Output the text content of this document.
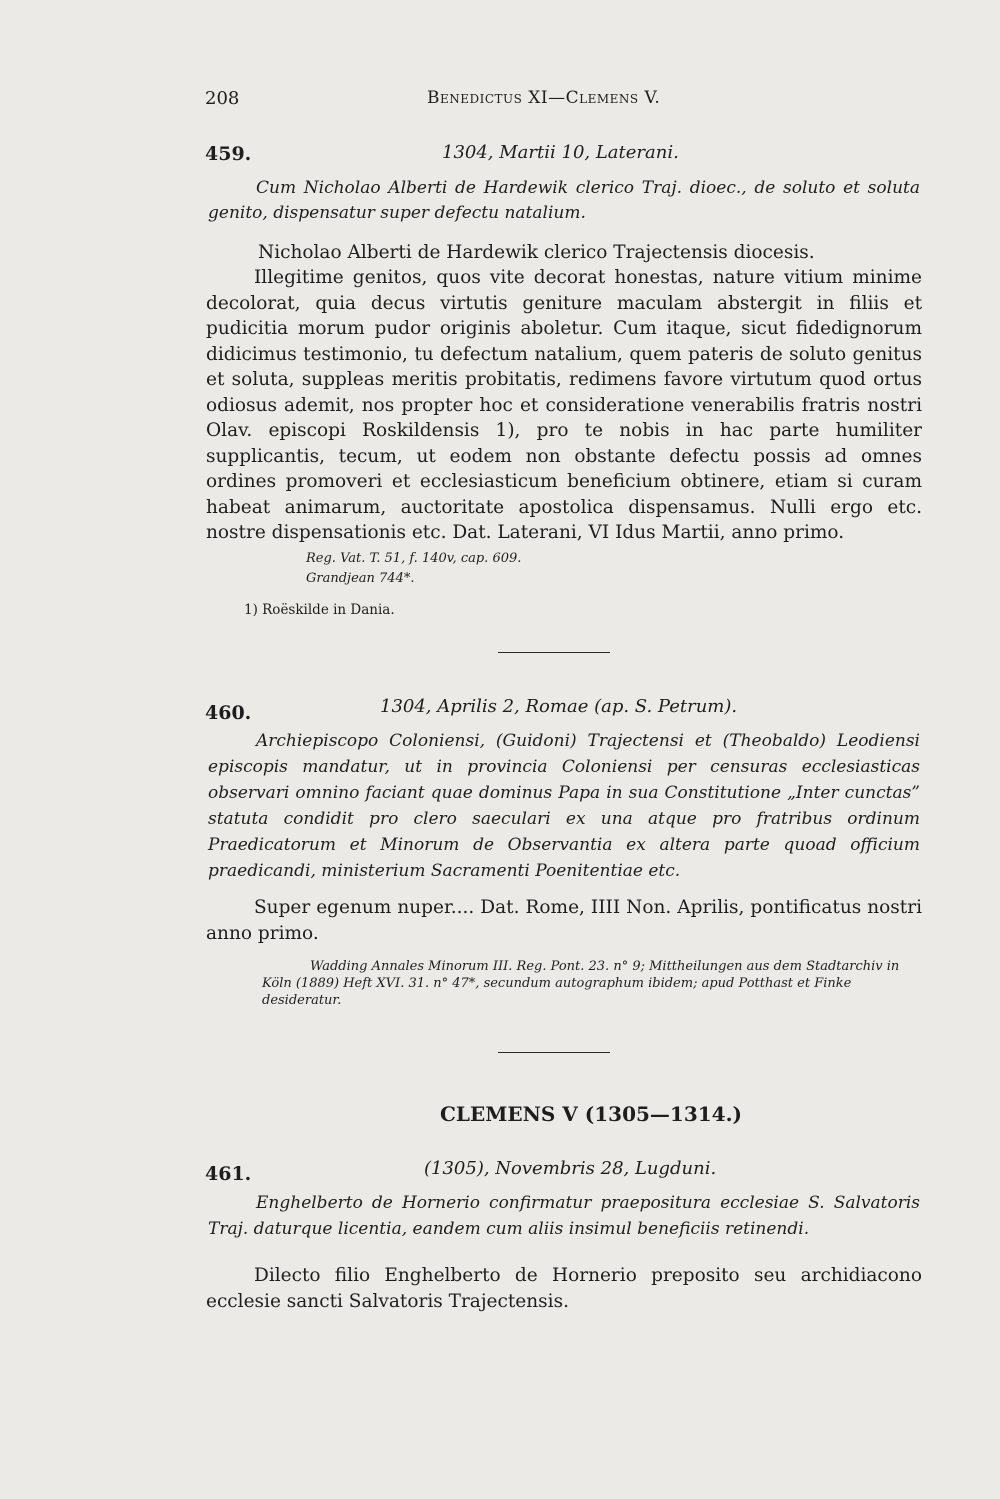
208	Benedictus XI—Clemens V.
459.	1304, Martii 10, Laterani.

Cum Nicholao Alberti de Hardewik clerico Traj. dioec., de soluto et soluta genito, dispensatur super defectu natalium.

Nicholao Alberti de Hardewik clerico Trajectensis diocesis.

Illegitime genitos, quos vite decorat honestas, nature vitium minime decolorat, quia decus virtutis geniture maculam abstergit in filiis et pudicitia morum pudor originis aboletur. Cum itaque, sicut fidedignorum didicimus testimonio, tu defectum natalium, quem pateris de soluto genitus et soluta, suppleas meritis probitatis, redimens favore virtutum quod ortus odiosus ademit, nos propter hoc et consideratione venerabilis fratris nostri Olav. episcopi Roskildensis 1), pro te nobis in hac parte humiliter supplicantis, tecum, ut eodem non obstante defectu possis ad omnes ordines promoveri et ecclesiasticum beneficium obtinere, etiam si curam habeat animarum, auctoritate apostolica dispensamus. Nulli ergo etc. nostre dispensationis etc. Dat. Laterani, VI Idus Martii, anno primo.

Reg. Vat. T. 51, f. 140v, cap. 609.
Grandjean 744*.
1) Roëskilde in Dania.
460.	1304, Aprilis 2, Romae (ap. S. Petrum).

Archiepiscopo Coloniensi, (Guidoni) Trajectensi et (Theobaldo) Leodiensi episcopis mandatur, ut in provincia Coloniensi per censuras ecclesiasticas observari omnino faciant quae dominus Papa in sua Constitutione „Inter cunctas” statuta condidit pro clero saeculari ex una atque pro fratribus ordinum Praedicatorum et Minorum de Observantia ex altera parte quoad officium praedicandi, ministerium Sacramenti Poenitentiae etc.

Super egenum nuper.... Dat. Rome, IIII Non. Aprilis, pontificatus nostri anno primo.

Wadding Annales Minorum III. Reg. Pont. 23. n° 9; Mittheilungen aus dem Stadtarchiv in Köln (1889) Heft XVI. 31. n° 47*, secundum autographum ibidem; apud Potthast et Finke desideratur.
CLEMENS V (1305—1314.)
461.	(1305), Novembris 28, Lugduni.

Enghelberto de Hornerio confirmatur praepositura ecclesiae S. Salvatoris Traj. daturque licentia, eandem cum aliis insimul beneficiis retinendi.

Dilecto filio Enghelberto de Hornerio preposito seu archidiacono ecclesie sancti Salvatoris Trajectensis.
